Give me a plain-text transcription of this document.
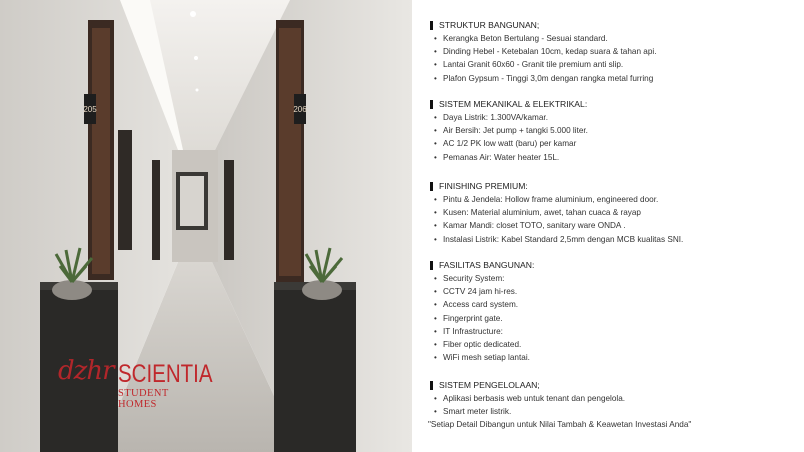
205	206
dzhr SCIENTIA
STUDENT HOMES
STRUKTUR BANGUNAN;
• Kerangka Beton Bertulang - Sesuai standard.
• Dinding Hebel - Ketebalan 10cm, kedap suara & tahan api.
• Lantai Granit 60x60 - Granit tile premium anti slip.
• Plafon Gypsum - Tinggi 3,0m dengan rangka metal furring
SISTEM MEKANIKAL & ELEKTRIKAL:
• Daya Listrik: 1.300VA/kamar.
• Air Bersih: Jet pump + tangki 5.000 liter.
• AC 1/2 PK low watt (baru) per kamar
• Pemanas Air: Water heater 15L.
FINISHING PREMIUM:
• Pintu & Jendela: Hollow frame aluminium, engineered door.
• Kusen: Material aluminium, awet, tahan cuaca & rayap
• Kamar Mandi: closet TOTO, sanitary ware ONDA .
• Instalasi Listrik: Kabel Standard 2,5mm dengan MCB kualitas SNI.
FASILITAS BANGUNAN:
• Security System:
• CCTV 24 jam hi-res.
• Access card system.
• Fingerprint gate.
• IT Infrastructure:
• Fiber optic dedicated.
• WiFi mesh setiap lantai.
SISTEM PENGELOLAAN;
• Aplikasi berbasis web untuk tenant dan pengelola.
• Smart meter listrik.
"Setiap Detail Dibangun untuk Nilai Tambah & Keawetan Investasi Anda"
